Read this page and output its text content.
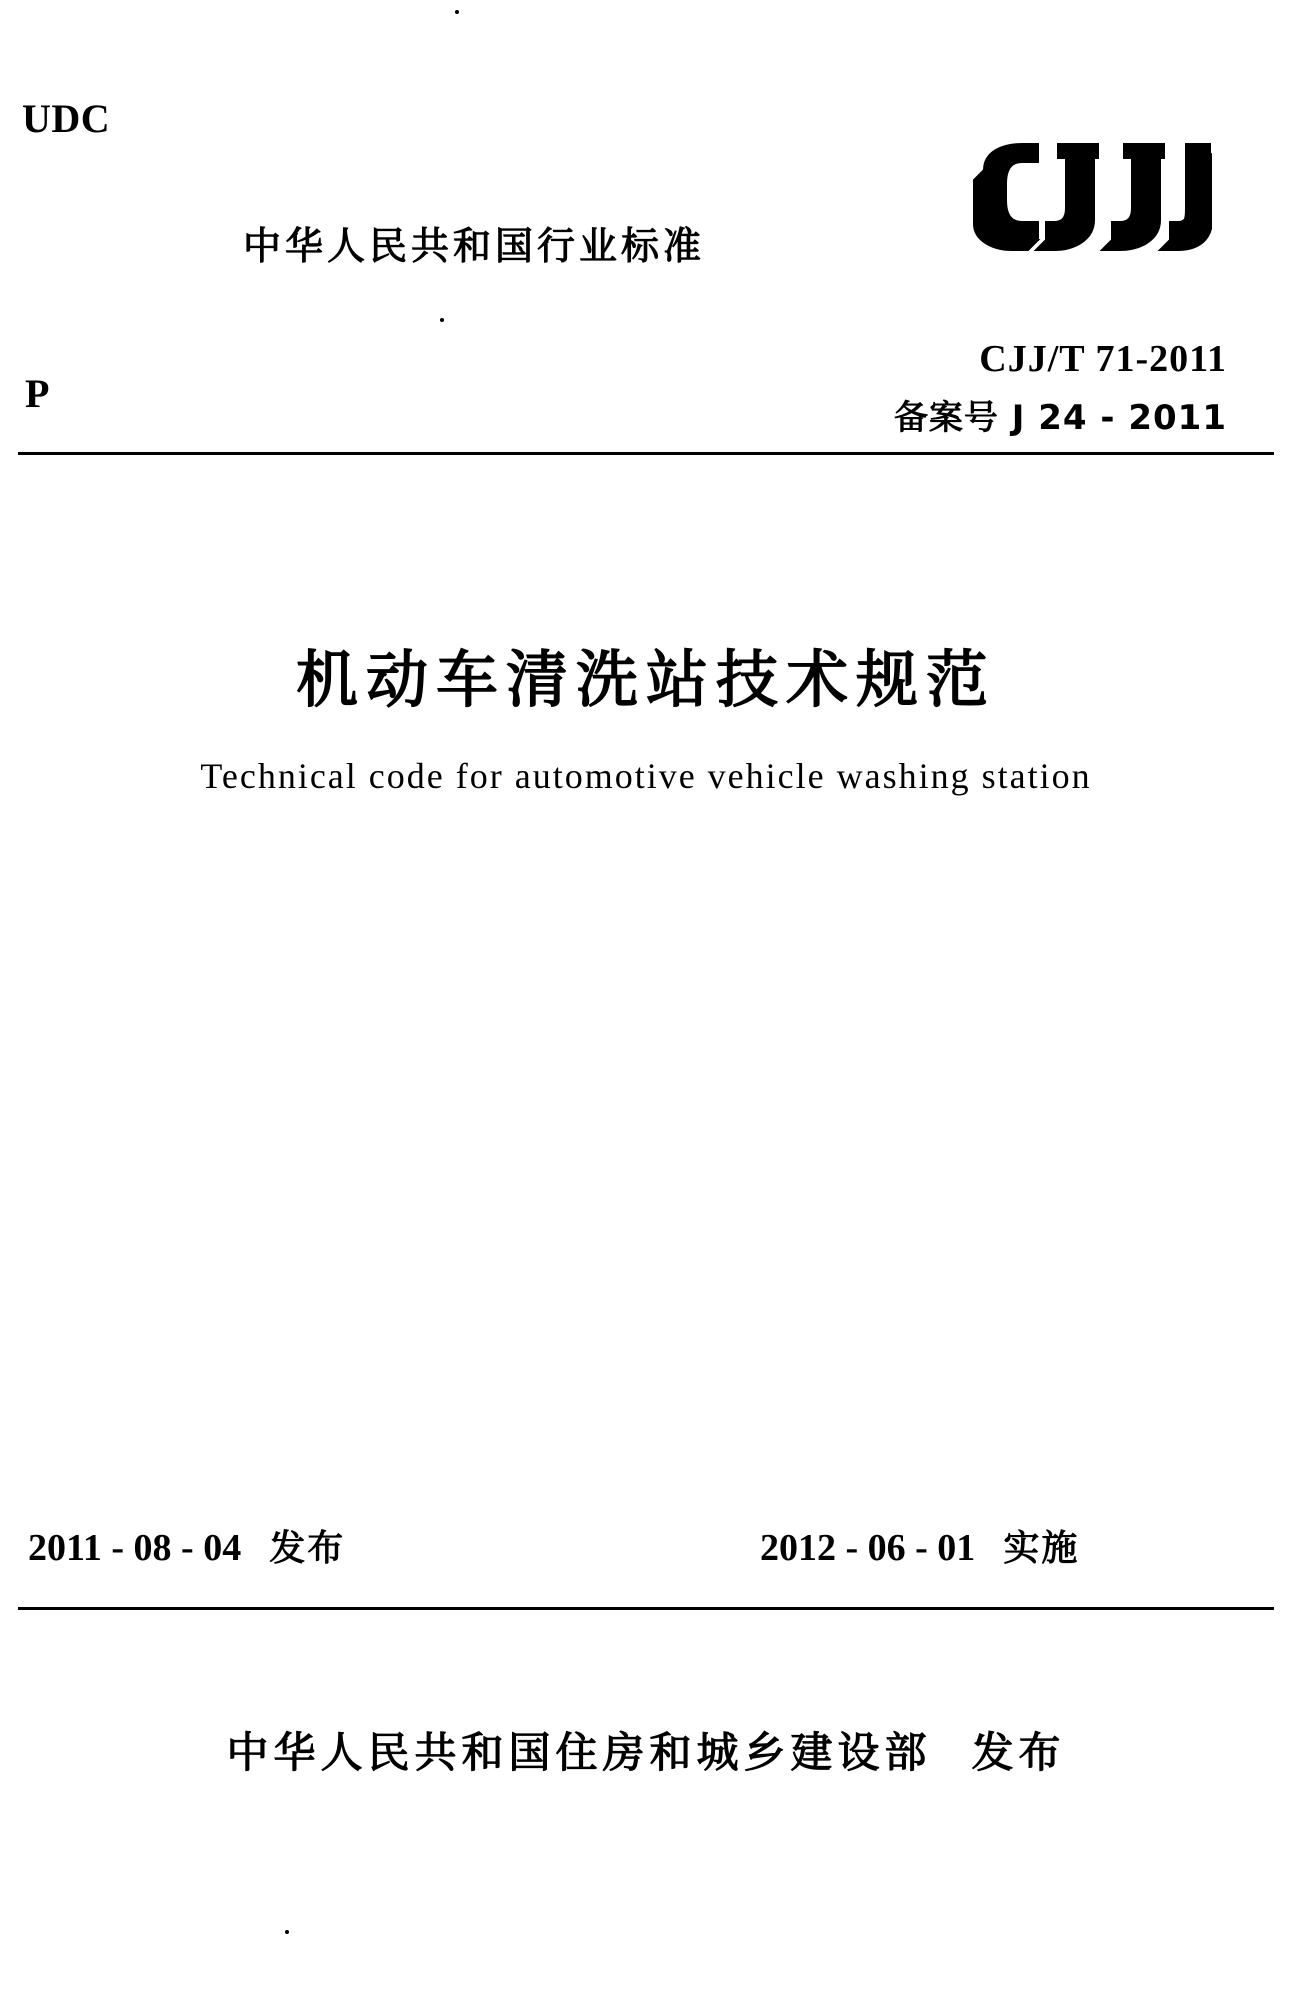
UDC
中华人民共和国行业标准
P
CJJ/T 71-2011
备案号 J 24 - 2011
机动车清洗站技术规范
Technical code for automotive vehicle washing station
2011 - 08 - 04 发布	2012 - 06 - 01 实施
中华人民共和国住房和城乡建设部 发布
